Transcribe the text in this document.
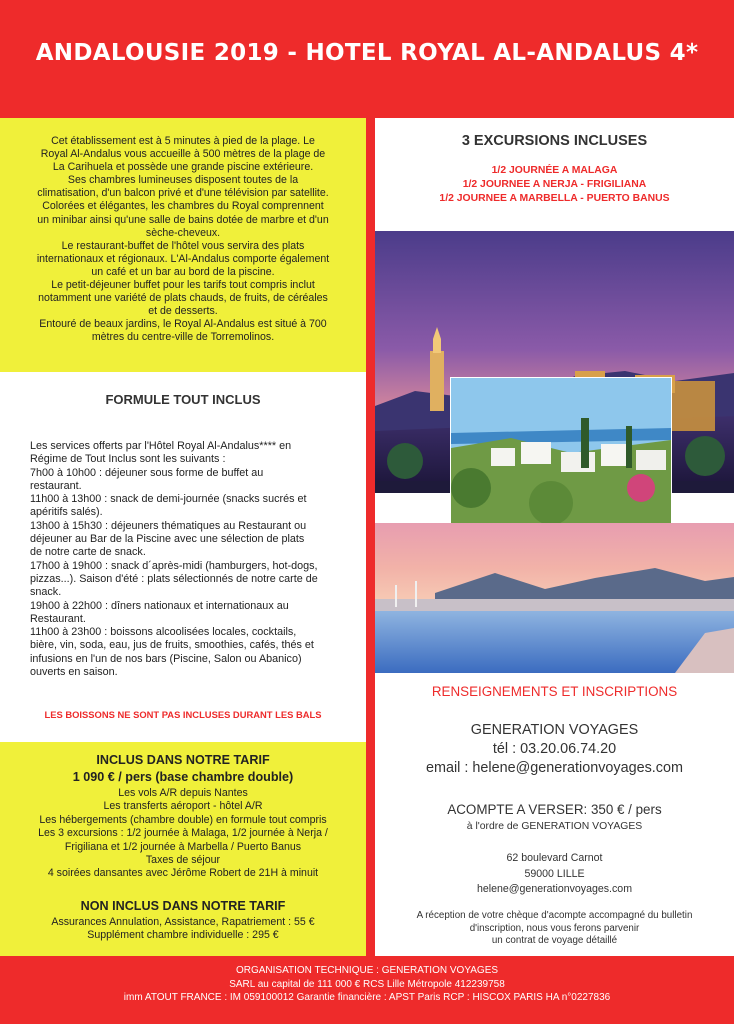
ANDALOUSIE 2019 - HOTEL ROYAL AL-ANDALUS 4*

Cet établissement est à 5 minutes à pied de la plage. Le

Royal Al-Andalus vous accueille à 500 mètres de la plage de

La Carihuela et possède une grande piscine extérieure.

Ses chambres lumineuses disposent toutes de la

climatisation, d'un balcon privé et d'une télévision par satellite.

Colorées et élégantes, les chambres du Royal comprennent

un minibar ainsi qu'une salle de bains dotée de marbre et d'un

sèche-cheveux.

Le restaurant-buffet de l'hôtel vous servira des plats

internationaux et régionaux. L'Al-Andalus comporte également

un café et un bar au bord de la piscine.

Le petit-déjeuner buffet pour les tarifs tout compris inclut

notamment une variété de plats chauds, de fruits, de céréales

et de desserts.

Entouré de beaux jardins, le Royal Al-Andalus est situé à 700

mètres du centre-ville de Torremolinos.

FORMULE TOUT INCLUS
Les services offerts par l'Hôtel Royal Al-Andalus**** en
Régime de Tout Inclus sont les suivants :
7h00 à 10h00 : déjeuner sous forme de buffet au
restaurant.
11h00 à 13h00 : snack de demi-journée (snacks sucrés et
apéritifs salés).
13h00 à 15h30 : déjeuners thématiques au Restaurant ou
déjeuner au Bar de la Piscine avec une sélection de plats
de notre carte de snack.
17h00 à 19h00 : snack d´après-midi (hamburgers, hot-dogs,
pizzas...). Saison d'été : plats sélectionnés de notre carte de
snack.
19h00 à 22h00 : dîners nationaux et internationaux au
Restaurant.
11h00 à 23h00 : boissons alcoolisées locales, cocktails,
bière, vin, soda, eau, jus de fruits, smoothies, cafés, thés et
infusions en l'un de nos bars (Piscine, Salon ou Abanico)
ouverts en saison.
LES BOISSONS NE SONT PAS INCLUSES DURANT LES BALS
INCLUS DANS NOTRE TARIF
1 090 € / pers (base chambre double)
Les vols A/R depuis Nantes
Les transferts aéroport - hôtel A/R
Les hébergements (chambre double) en formule tout compris
Les 3 excursions : 1/2 journée à Malaga, 1/2 journée à Nerja /
Frigiliana et 1/2 journée à Marbella / Puerto Banus
Taxes de séjour
4 soirées dansantes avec Jérôme Robert de 21H à minuit
NON INCLUS DANS NOTRE TARIF
Assurances Annulation, Assistance, Rapatriement : 55 €
Supplément chambre individuelle : 295 €
3 EXCURSIONS INCLUSES
1/2 JOURNÉE A MALAGA
1/2 JOURNEE A NERJA - FRIGILIANA
1/2 JOURNEE A MARBELLA - PUERTO BANUS
RENSEIGNEMENTS ET INSCRIPTIONS
GENERATION VOYAGES
tél : 03.20.06.74.20
email : helene@generationvoyages.com
ACOMPTE A VERSER: 350 € / pers
à l'ordre de GENERATION VOYAGES
62 boulevard Carnot
59000 LILLE
helene@generationvoyages.com
A réception de votre chèque d'acompte accompagné du bulletin
d'inscription, nous vous ferons parvenir
un contrat de voyage détaillé
ORGANISATION TECHNIQUE : GENERATION VOYAGES
SARL au capital de 111 000 € RCS Lille Métropole 412239758
imm ATOUT FRANCE : IM 059100012 Garantie financière : APST Paris RCP : HISCOX PARIS HA n°0227836
